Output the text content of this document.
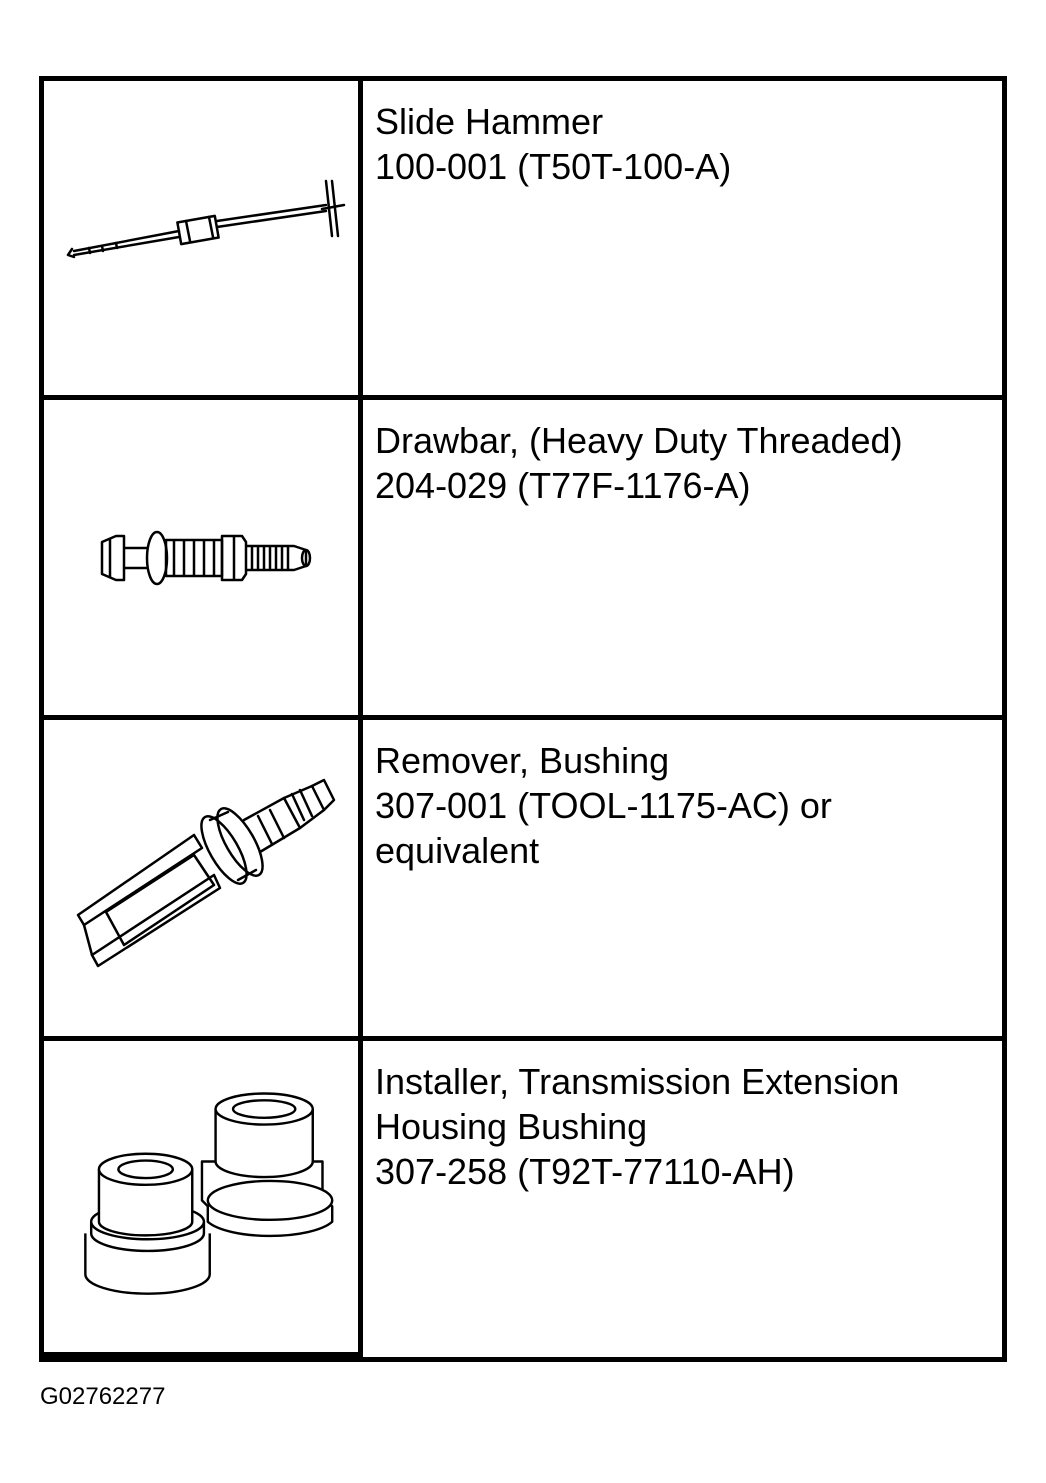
Slide Hammer
100-001 (T50T-100-A)
Drawbar, (Heavy Duty Threaded)
204-029 (T77F-1176-A)
Remover, Bushing
307-001 (TOOL-1175-AC) or
equivalent
Installer, Transmission Extension
Housing Bushing
307-258 (T92T-77110-AH)
G02762277
